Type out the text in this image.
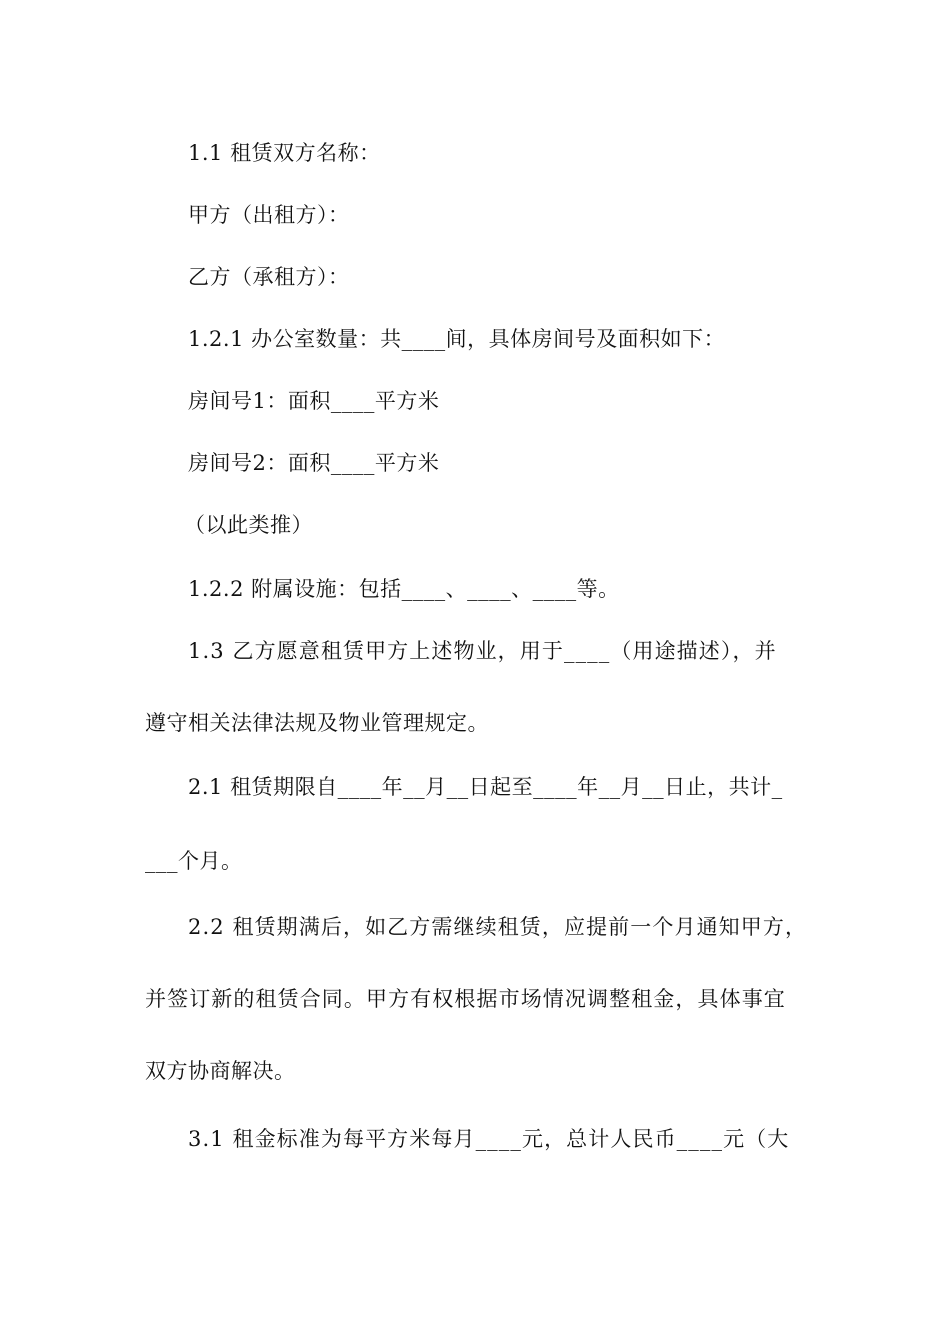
1.1 租赁双方名称：
甲方（出租方）：
乙方（承租方）：
1.2.1 办公室数量：共____间，具体房间号及面积如下：
房间号1：面积____平方米
房间号2：面积____平方米
（以此类推）
1.2.2 附属设施：包括____、____、____等。
1.3 乙方愿意租赁甲方上述物业，用于____（用途描述），并
遵守相关法律法规及物业管理规定。
2.1 租赁期限自____年__月__日起至____年__月__日止，共计_
___个月。
2.2 租赁期满后，如乙方需继续租赁，应提前一个月通知甲方，
并签订新的租赁合同。甲方有权根据市场情况调整租金，具体事宜
双方协商解决。
3.1 租金标准为每平方米每月____元，总计人民币____元（大
